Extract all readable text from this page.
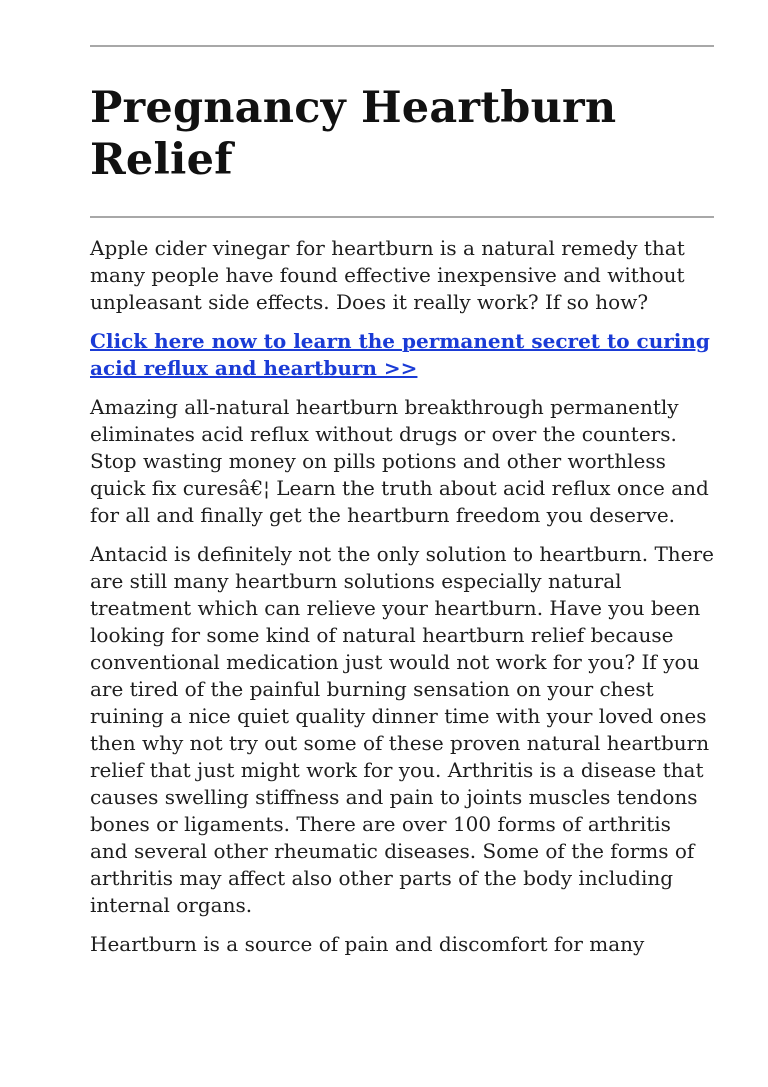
Pregnancy Heartburn Relief

Apple cider vinegar for heartburn is a natural remedy that many people have found effective inexpensive and without unpleasant side effects. Does it really work? If so how?

Click here now to learn the permanent secret to curing acid reflux and heartburn >>

Amazing all-natural heartburn breakthrough permanently eliminates acid reflux without drugs or over the counters. Stop wasting money on pills potions and other worthless quick fix curesâ€¦ Learn the truth about acid reflux once and for all and finally get the heartburn freedom you deserve.

Antacid is definitely not the only solution to heartburn. There are still many heartburn solutions especially natural treatment which can relieve your heartburn. Have you been looking for some kind of natural heartburn relief because conventional medication just would not work for you? If you are tired of the painful burning sensation on your chest ruining a nice quiet quality dinner time with your loved ones then why not try out some of these proven natural heartburn relief that just might work for you. Arthritis is a disease that causes swelling stiffness and pain to joints muscles tendons bones or ligaments. There are over 100 forms of arthritis and several other rheumatic diseases. Some of the forms of arthritis may affect also other parts of the body including internal organs.

Heartburn is a source of pain and discomfort for many
